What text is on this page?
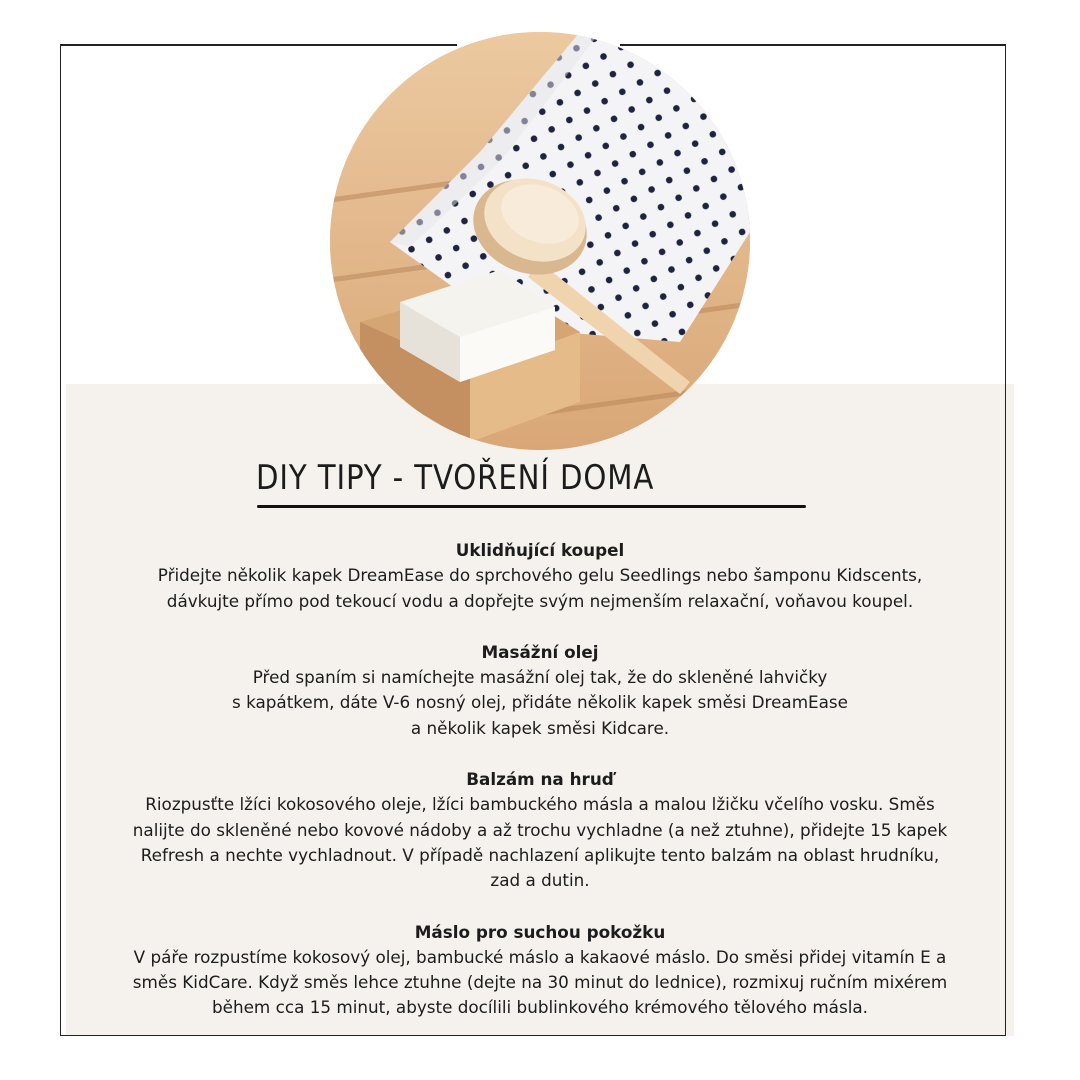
DIY TIPY - TVOŘENÍ DOMA
Uklidňující koupel

Přidejte několik kapek DreamEase do sprchového gelu Seedlings nebo šamponu Kidscents,

dávkujte přímo pod tekoucí vodu a dopřejte svým nejmenším relaxační, voňavou koupel.

Masážní olej

Před spaním si namíchejte masážní olej tak, že do skleněné lahvičky

s kapátkem, dáte V-6 nosný olej, přidáte několik kapek směsi DreamEase

a několik kapek směsi Kidcare.

Balzám na hruď

Riozpusťte lžíci kokosového oleje, lžíci bambuckého másla a malou lžičku včelího vosku. Směs

nalijte do skleněné nebo kovové nádoby a až trochu vychladne (a než ztuhne), přidejte 15 kapek

Refresh a nechte vychladnout. V případě nachlazení aplikujte tento balzám na oblast hrudníku,

zad a dutin.

Máslo pro suchou pokožku

V páře rozpustíme kokosový olej, bambucké máslo a kakaové máslo. Do směsi přidej vitamín E a

směs KidCare. Když směs lehce ztuhne (dejte na 30 minut do lednice), rozmixuj ručním mixérem

během cca 15 minut, abyste docílili bublinkového krémového tělového másla.
